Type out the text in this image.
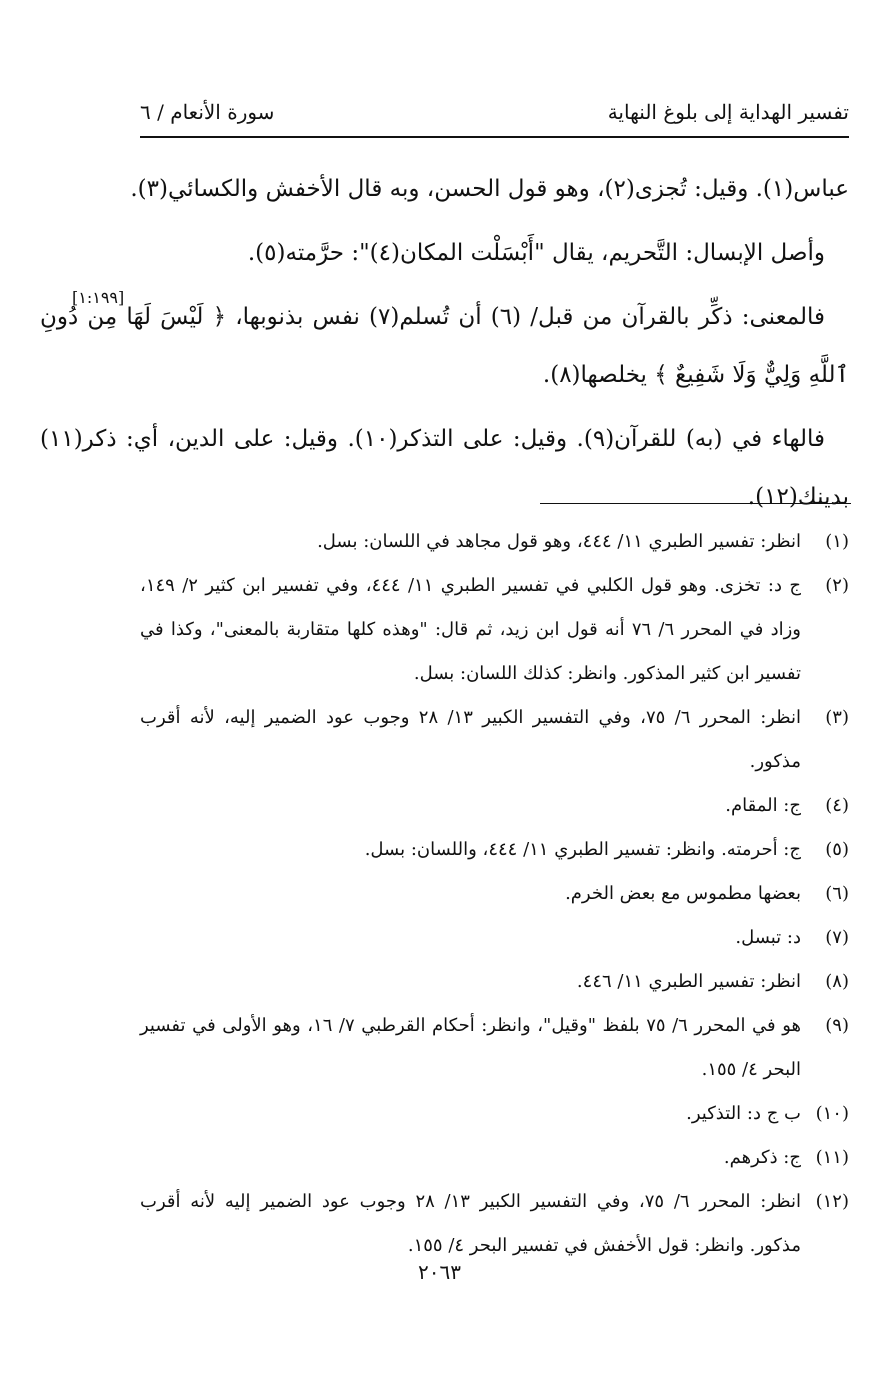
تفسير الهداية إلى بلوغ النهاية
سورة الأنعام / ٦

عباس(١). وقيل: تُجزى(٢)، وهو قول الحسن، وبه قال الأخفش والكسائي(٣).

وأصل الإبسال: التَّحريم، يقال "أَبْسَلْت المكان(٤)": حرَّمته(٥).

فالمعنى: ذكِّر بالقرآن من قبل/ (٦) أن تُسلم(٧) نفس بذنوبها، ﴿ لَيْسَ لَهَا مِن دُونِ ٱللَّهِ وَلِيٌّ وَلَا شَفِيعٌ ﴾ يخلصها(٨).

فالهاء في (به) للقرآن(٩). وقيل: على التذكر(١٠). وقيل: على الدين، أي: ذكر(١١) بدينك(١٢).

[١:١٩٩]
(١)
انظر: تفسير الطبري ١١/ ٤٤٤، وهو قول مجاهد في اللسان: بسل.
(٢)
ج د: تخزى. وهو قول الكلبي في تفسير الطبري ١١/ ٤٤٤، وفي تفسير ابن كثير ٢/ ١٤٩، وزاد في المحرر ٦/ ٧٦ أنه قول ابن زيد، ثم قال: "وهذه كلها متقاربة بالمعنى"، وكذا في تفسير ابن كثير المذكور. وانظر: كذلك اللسان: بسل.
(٣)
انظر: المحرر ٦/ ٧٥، وفي التفسير الكبير ١٣/ ٢٨ وجوب عود الضمير إليه، لأنه أقرب مذكور.
(٤)
ج: المقام.
(٥)
ج: أحرمته. وانظر: تفسير الطبري ١١/ ٤٤٤، واللسان: بسل.
(٦)
بعضها مطموس مع بعض الخرم.
(٧)
د: تبسل.
(٨)
انظر: تفسير الطبري ١١/ ٤٤٦.
(٩)
هو في المحرر ٦/ ٧٥ بلفظ "وقيل"، وانظر: أحكام القرطبي ٧/ ١٦، وهو الأولى في تفسير البحر ٤/ ١٥٥.
(١٠)
ب ج د: التذكير.
(١١)
ج: ذكرهم.
(١٢)
انظر: المحرر ٦/ ٧٥، وفي التفسير الكبير ١٣/ ٢٨ وجوب عود الضمير إليه لأنه أقرب مذكور. وانظر: قول الأخفش في تفسير البحر ٤/ ١٥٥.
٢٠٦٣
